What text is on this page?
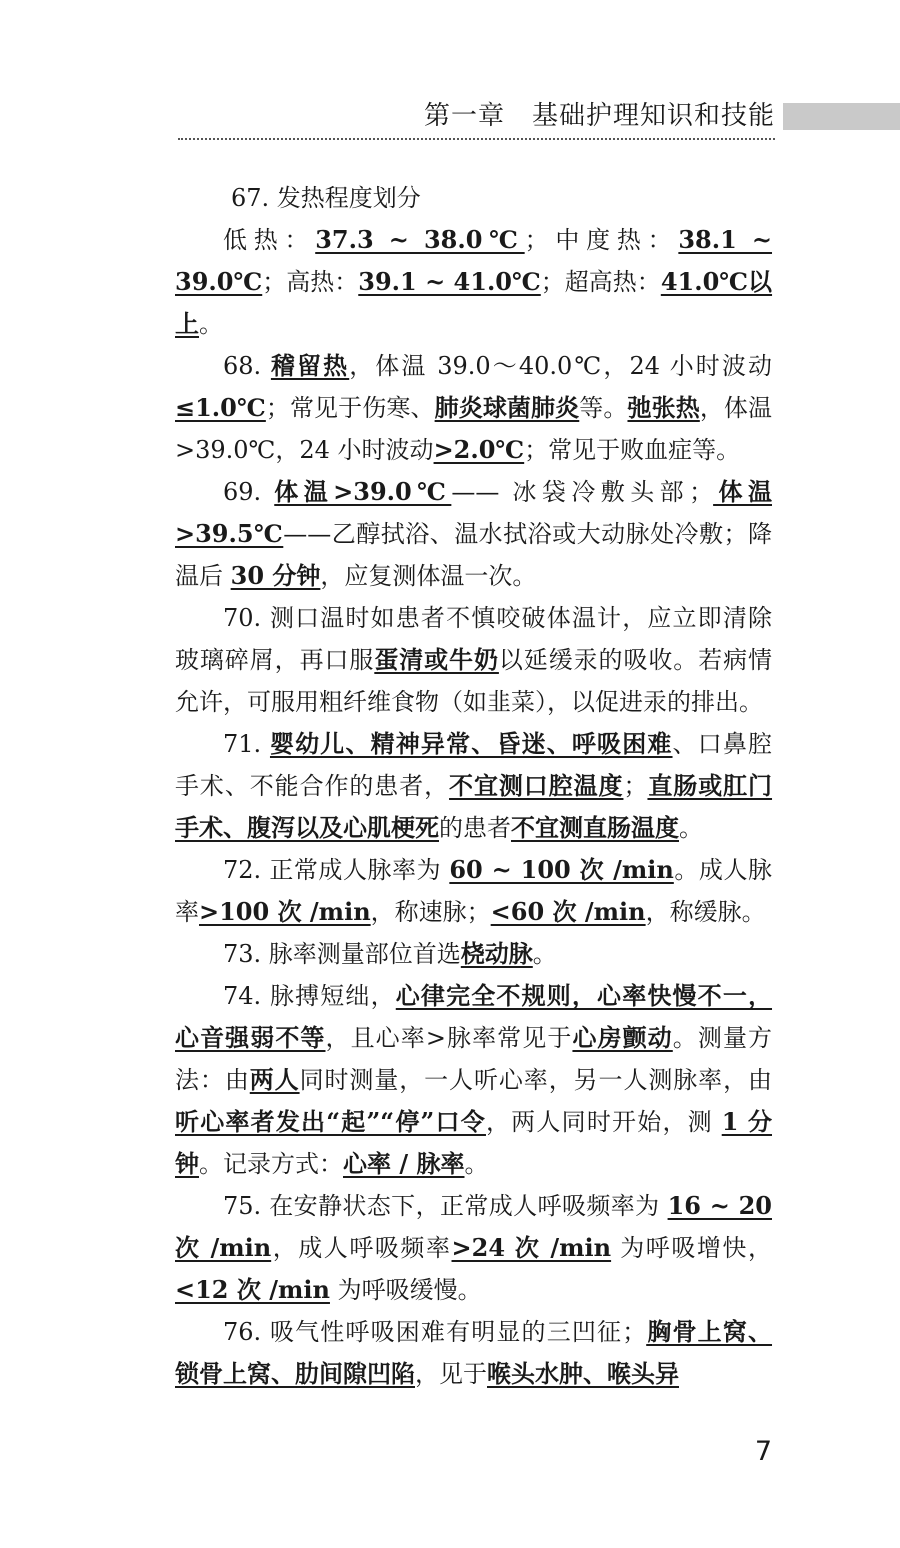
第一章　基础护理知识和技能

67. 发热程度划分

低热：37.3 ~ 38.0℃；中度热：38.1 ~ 39.0℃；高热：39.1 ~ 41.0℃；超高热：41.0℃以上。

68. 稽留热，体温 39.0～40.0℃，24 小时波动≤1.0℃；常见于伤寒、肺炎球菌肺炎等。弛张热，体温>39.0℃，24 小时波动>2.0℃；常见于败血症等。

69. 体温>39.0℃—— 冰袋冷敷头部；体温>39.5℃——乙醇拭浴、温水拭浴或大动脉处冷敷；降温后 30 分钟，应复测体温一次。

70. 测口温时如患者不慎咬破体温计，应立即清除玻璃碎屑，再口服蛋清或牛奶以延缓汞的吸收。若病情允许，可服用粗纤维食物（如韭菜），以促进汞的排出。

71. 婴幼儿、精神异常、昏迷、呼吸困难、口鼻腔手术、不能合作的患者，不宜测口腔温度；直肠或肛门手术、腹泻以及心肌梗死的患者不宜测直肠温度。

72. 正常成人脉率为 60 ~ 100 次 /min。成人脉率>100 次 /min，称速脉；<60 次 /min，称缓脉。

73. 脉率测量部位首选桡动脉。

74. 脉搏短绌，心律完全不规则，心率快慢不一，心音强弱不等，且心率>脉率常见于心房颤动。测量方法：由两人同时测量，一人听心率，另一人测脉率，由听心率者发出“起”“停”口令，两人同时开始，测 1 分钟。记录方式：心率 / 脉率。

75. 在安静状态下，正常成人呼吸频率为 16 ~ 20 次 /min，成人呼吸频率>24 次 /min 为呼吸增快，<12 次 /min 为呼吸缓慢。

76. 吸气性呼吸困难有明显的三凹征；胸骨上窝、锁骨上窝、肋间隙凹陷，见于喉头水肿、喉头异

7
